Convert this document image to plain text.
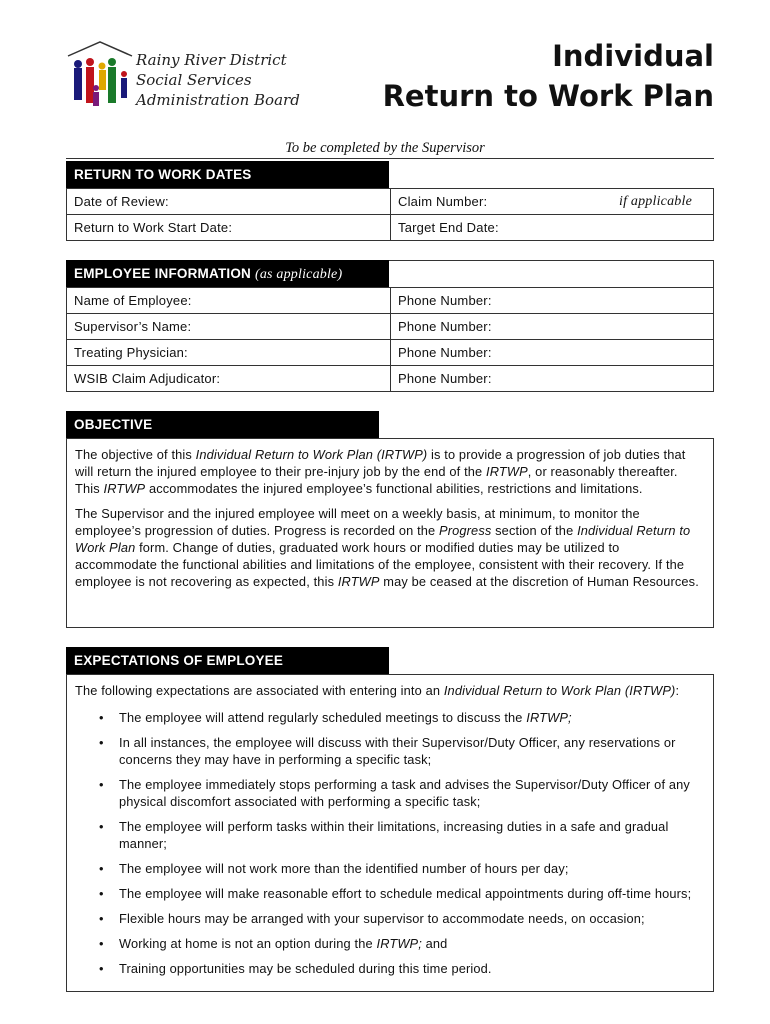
Rainy River District
Social Services
Administration Board
Individual
Return to Work Plan
To be completed by the Supervisor
RETURN TO WORK DATES
Date of Review:	Claim Number: if applicable

Return to Work Start Date:	Target End Date:
EMPLOYEE INFORMATION (as applicable)
Name of Employee:	Phone Number:
Supervisor’s Name:	Phone Number:
Treating Physician:	Phone Number:
WSIB Claim Adjudicator:	Phone Number:
OBJECTIVE

The objective of this Individual Return to Work Plan (IRTWP) is to provide a progression of job duties that will return the injured employee to their pre-injury job by the end of the IRTWP, or reasonably thereafter. This IRTWP accommodates the injured employee’s functional abilities, restrictions and limitations.

The Supervisor and the injured employee will meet on a weekly basis, at minimum, to monitor the employee’s progression of duties. Progress is recorded on the Progress section of the Individual Return to Work Plan form. Change of duties, graduated work hours or modified duties may be utilized to accommodate the functional abilities and limitations of the employee, consistent with their recovery. If the employee is not recovering as expected, this IRTWP may be ceased at the discretion of Human Resources.

EXPECTATIONS OF EMPLOYEE

The following expectations are associated with entering into an Individual Return to Work Plan (IRTWP):

• The employee will attend regularly scheduled meetings to discuss the IRTWP;
• In all instances, the employee will discuss with their Supervisor/Duty Officer, any reservations or concerns they may have in performing a specific task;
• The employee immediately stops performing a task and advises the Supervisor/Duty Officer of any physical discomfort associated with performing a specific task;
• The employee will perform tasks within their limitations, increasing duties in a safe and gradual manner;
• The employee will not work more than the identified number of hours per day;
• The employee will make reasonable effort to schedule medical appointments during off-time hours;
• Flexible hours may be arranged with your supervisor to accommodate needs, on occasion;
• Working at home is not an option during the IRTWP; and
• Training opportunities may be scheduled during this time period.
